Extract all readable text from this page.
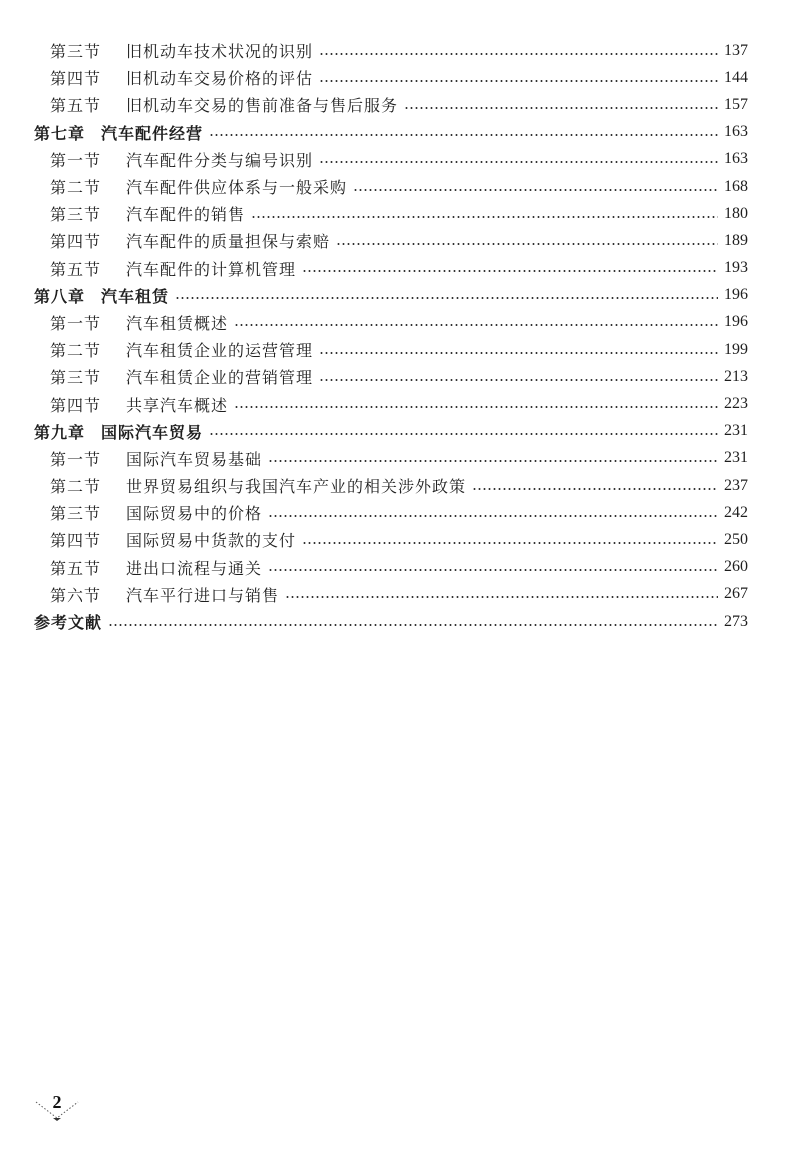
第三节 旧机动车技术状况的识别	137
第四节 旧机动车交易价格的评估	144
第五节 旧机动车交易的售前准备与售后服务	157
第七章 汽车配件经营	163
第一节 汽车配件分类与编号识别	163
第二节 汽车配件供应体系与一般采购	168
第三节 汽车配件的销售	180
第四节 汽车配件的质量担保与索赔	189
第五节 汽车配件的计算机管理	193
第八章 汽车租赁	196
第一节 汽车租赁概述	196
第二节 汽车租赁企业的运营管理	199
第三节 汽车租赁企业的营销管理	213
第四节 共享汽车概述	223
第九章 国际汽车贸易	231
第一节 国际汽车贸易基础	231
第二节 世界贸易组织与我国汽车产业的相关涉外政策	237
第三节 国际贸易中的价格	242
第四节 国际贸易中货款的支付	250
第五节 进出口流程与通关	260
第六节 汽车平行进口与销售	267
参考文献	273
2
